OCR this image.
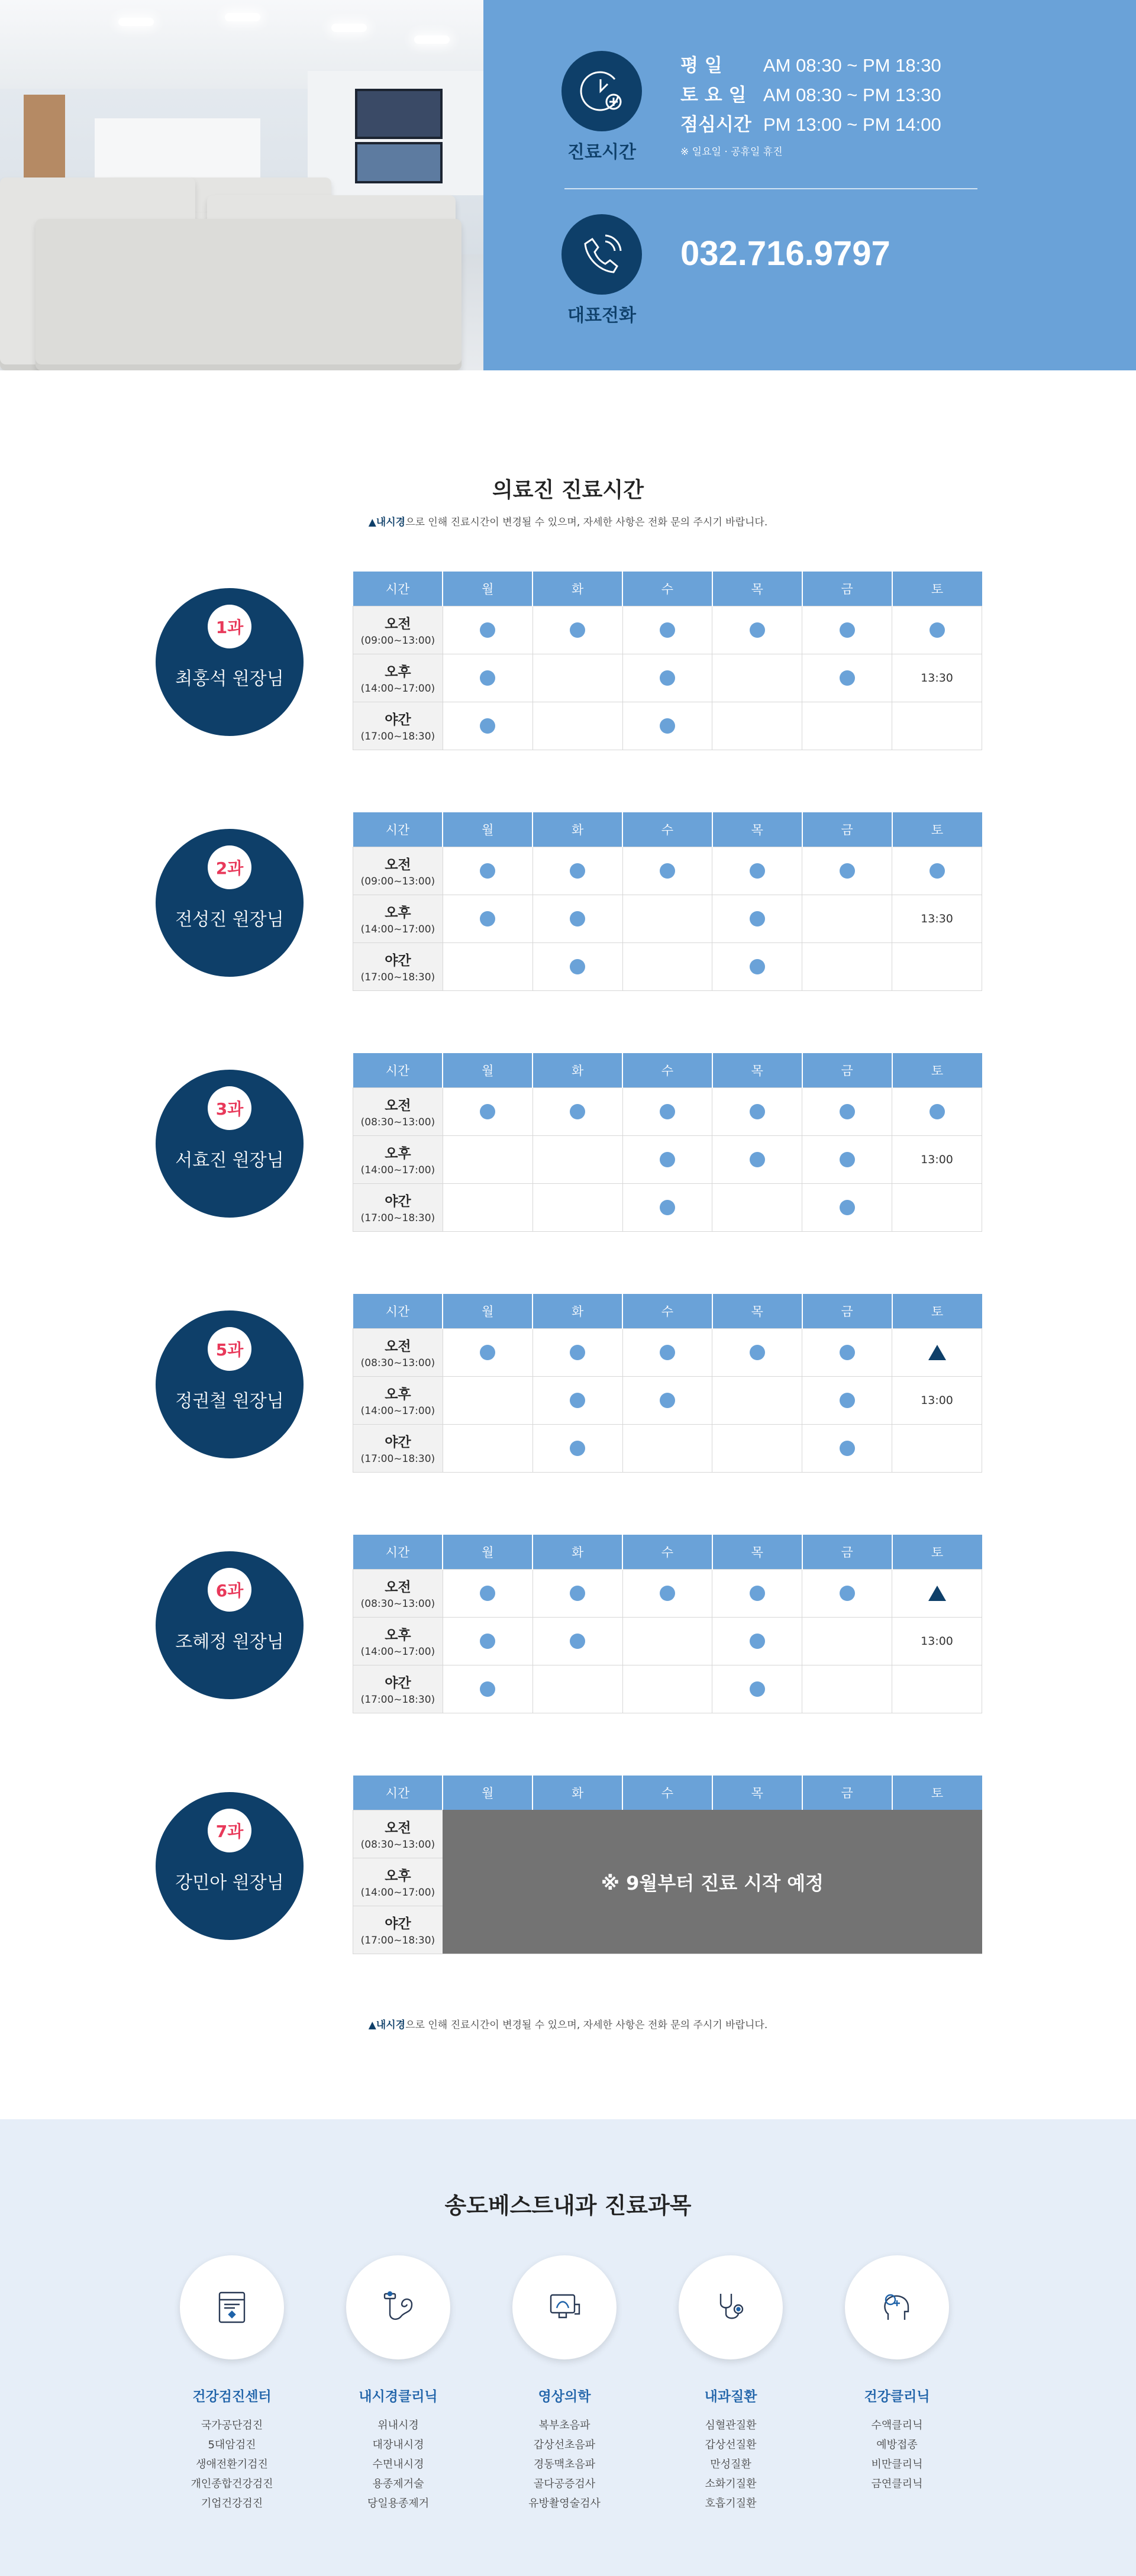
진료시간
평 일	AM 08:30 ~ PM 18:30
토 요 일 AM 08:30 ~ PM 13:30
점심시간 PM 13:00 ~ PM 14:00
※ 일요일 · 공휴일 휴진
대표전화
032.716.9797
의료진 진료시간

▲내시경으로 인해 진료시간이 변경될 수 있으며, 자세한 사항은 전화 문의 주시기 바랍니다.

1과
최홍석 원장님
시간	월	화	수	목	금	토

오전
(09:00~13:00)						

오후
(14:00~17:00)						13:30

야간
(17:00~18:30)						

2과
전성진 원장님
시간	월	화	수	목	금	토

오전
(09:00~13:00)						

오후
(14:00~17:00)						13:30

야간
(17:00~18:30)						

3과
서효진 원장님
시간	월	화	수	목	금	토

오전
(08:30~13:00)						

오후
(14:00~17:00)						13:00

야간
(17:00~18:30)						

5과
정권철 원장님
시간	월	화	수	목	금	토

오전
(08:30~13:00)						

오후
(14:00~17:00)						13:00

야간
(17:00~18:30)						

6과
조혜정 원장님
시간	월	화	수	목	금	토

오전
(08:30~13:00)						

오후
(14:00~17:00)						13:00

야간
(17:00~18:30)						

7과
강민아 원장님
시간	월	화	수	목	금	토

오전
(08:30~13:00)						

오후
(14:00~17:00)						

야간
(17:00~18:30)						

※ 9월부터 진료 시작 예정

▲내시경으로 인해 진료시간이 변경될 수 있으며, 자세한 사항은 전화 문의 주시기 바랍니다.

송도베스트내과 진료과목
건강검진센터
국가공단검진
5대암검진
생애전환기검진
개인종합건강검진
기업건강검진
내시경클리닉
위내시경
대장내시경
수면내시경
용종제거술
당일용종제거
영상의학
복부초음파
갑상선초음파
경동맥초음파
골다공증검사
유방촬영술검사
내과질환
심혈관질환
갑상선질환
만성질환
소화기질환
호흡기질환
건강클리닉
수액클리닉
예방접종
비만클리닉
금연클리닉
